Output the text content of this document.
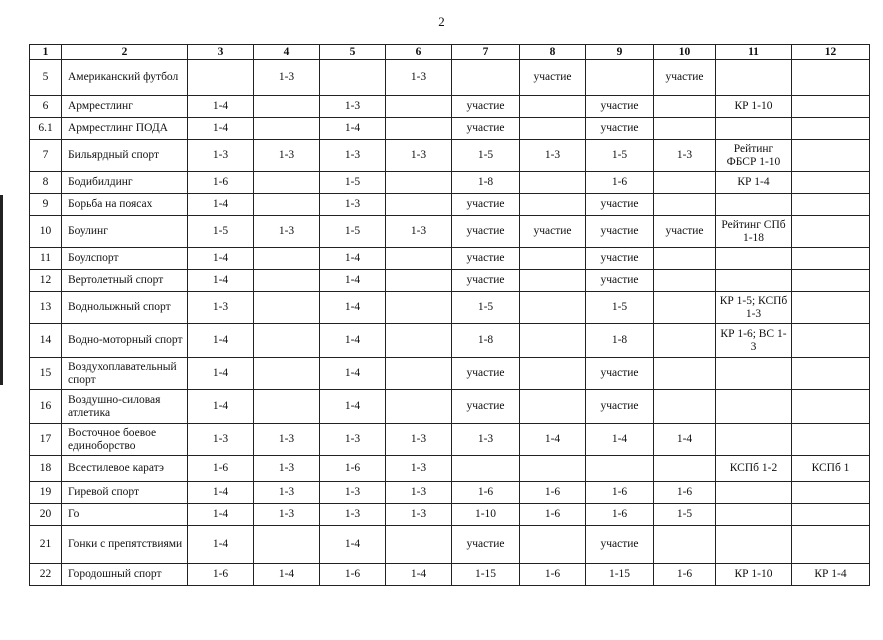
2
1	2	3	4	5	6	7	8	9	10	11	12
5	Американский футбол		1-3		1-3		участие		участие		
6	Армрестлинг	1-4		1-3		участие		участие		КР 1-10	
6.1	Армрестлинг ПОДА	1-4		1-4		участие		участие			
7	Бильярдный спорт	1-3	1-3	1-3	1-3	1-5	1-3	1-5	1-3	Рейтинг ФБСР 1-10	
8	Бодибилдинг	1-6		1-5		1-8		1-6		КР 1-4	
9	Борьба на поясах	1-4		1-3		участие		участие			
10	Боулинг	1-5	1-3	1-5	1-3	участие	участие	участие	участие	Рейтинг СПб 1-18	
11	Боулспорт	1-4		1-4		участие		участие			
12	Вертолетный спорт	1-4		1-4		участие		участие			
13	Воднолыжный спорт	1-3		1-4		1-5		1-5		КР 1-5; КСПб 1-3	
14	Водно-моторный спорт	1-4		1-4		1-8		1-8		КР 1-6; ВС 1-3	
15	Воздухоплавательный спорт	1-4		1-4		участие		участие			
16	Воздушно-силовая атлетика	1-4		1-4		участие		участие			
17	Восточное боевое единоборство	1-3	1-3	1-3	1-3	1-3	1-4	1-4	1-4		
18	Всестилевое каратэ	1-6	1-3	1-6	1-3					КСПб 1-2	КСПб 1
19	Гиревой спорт	1-4	1-3	1-3	1-3	1-6	1-6	1-6	1-6		
20	Го	1-4	1-3	1-3	1-3	1-10	1-6	1-6	1-5		
21	Гонки с препятствиями	1-4		1-4		участие		участие			
22	Городошный спорт	1-6	1-4	1-6	1-4	1-15	1-6	1-15	1-6	КР 1-10	КР 1-4
